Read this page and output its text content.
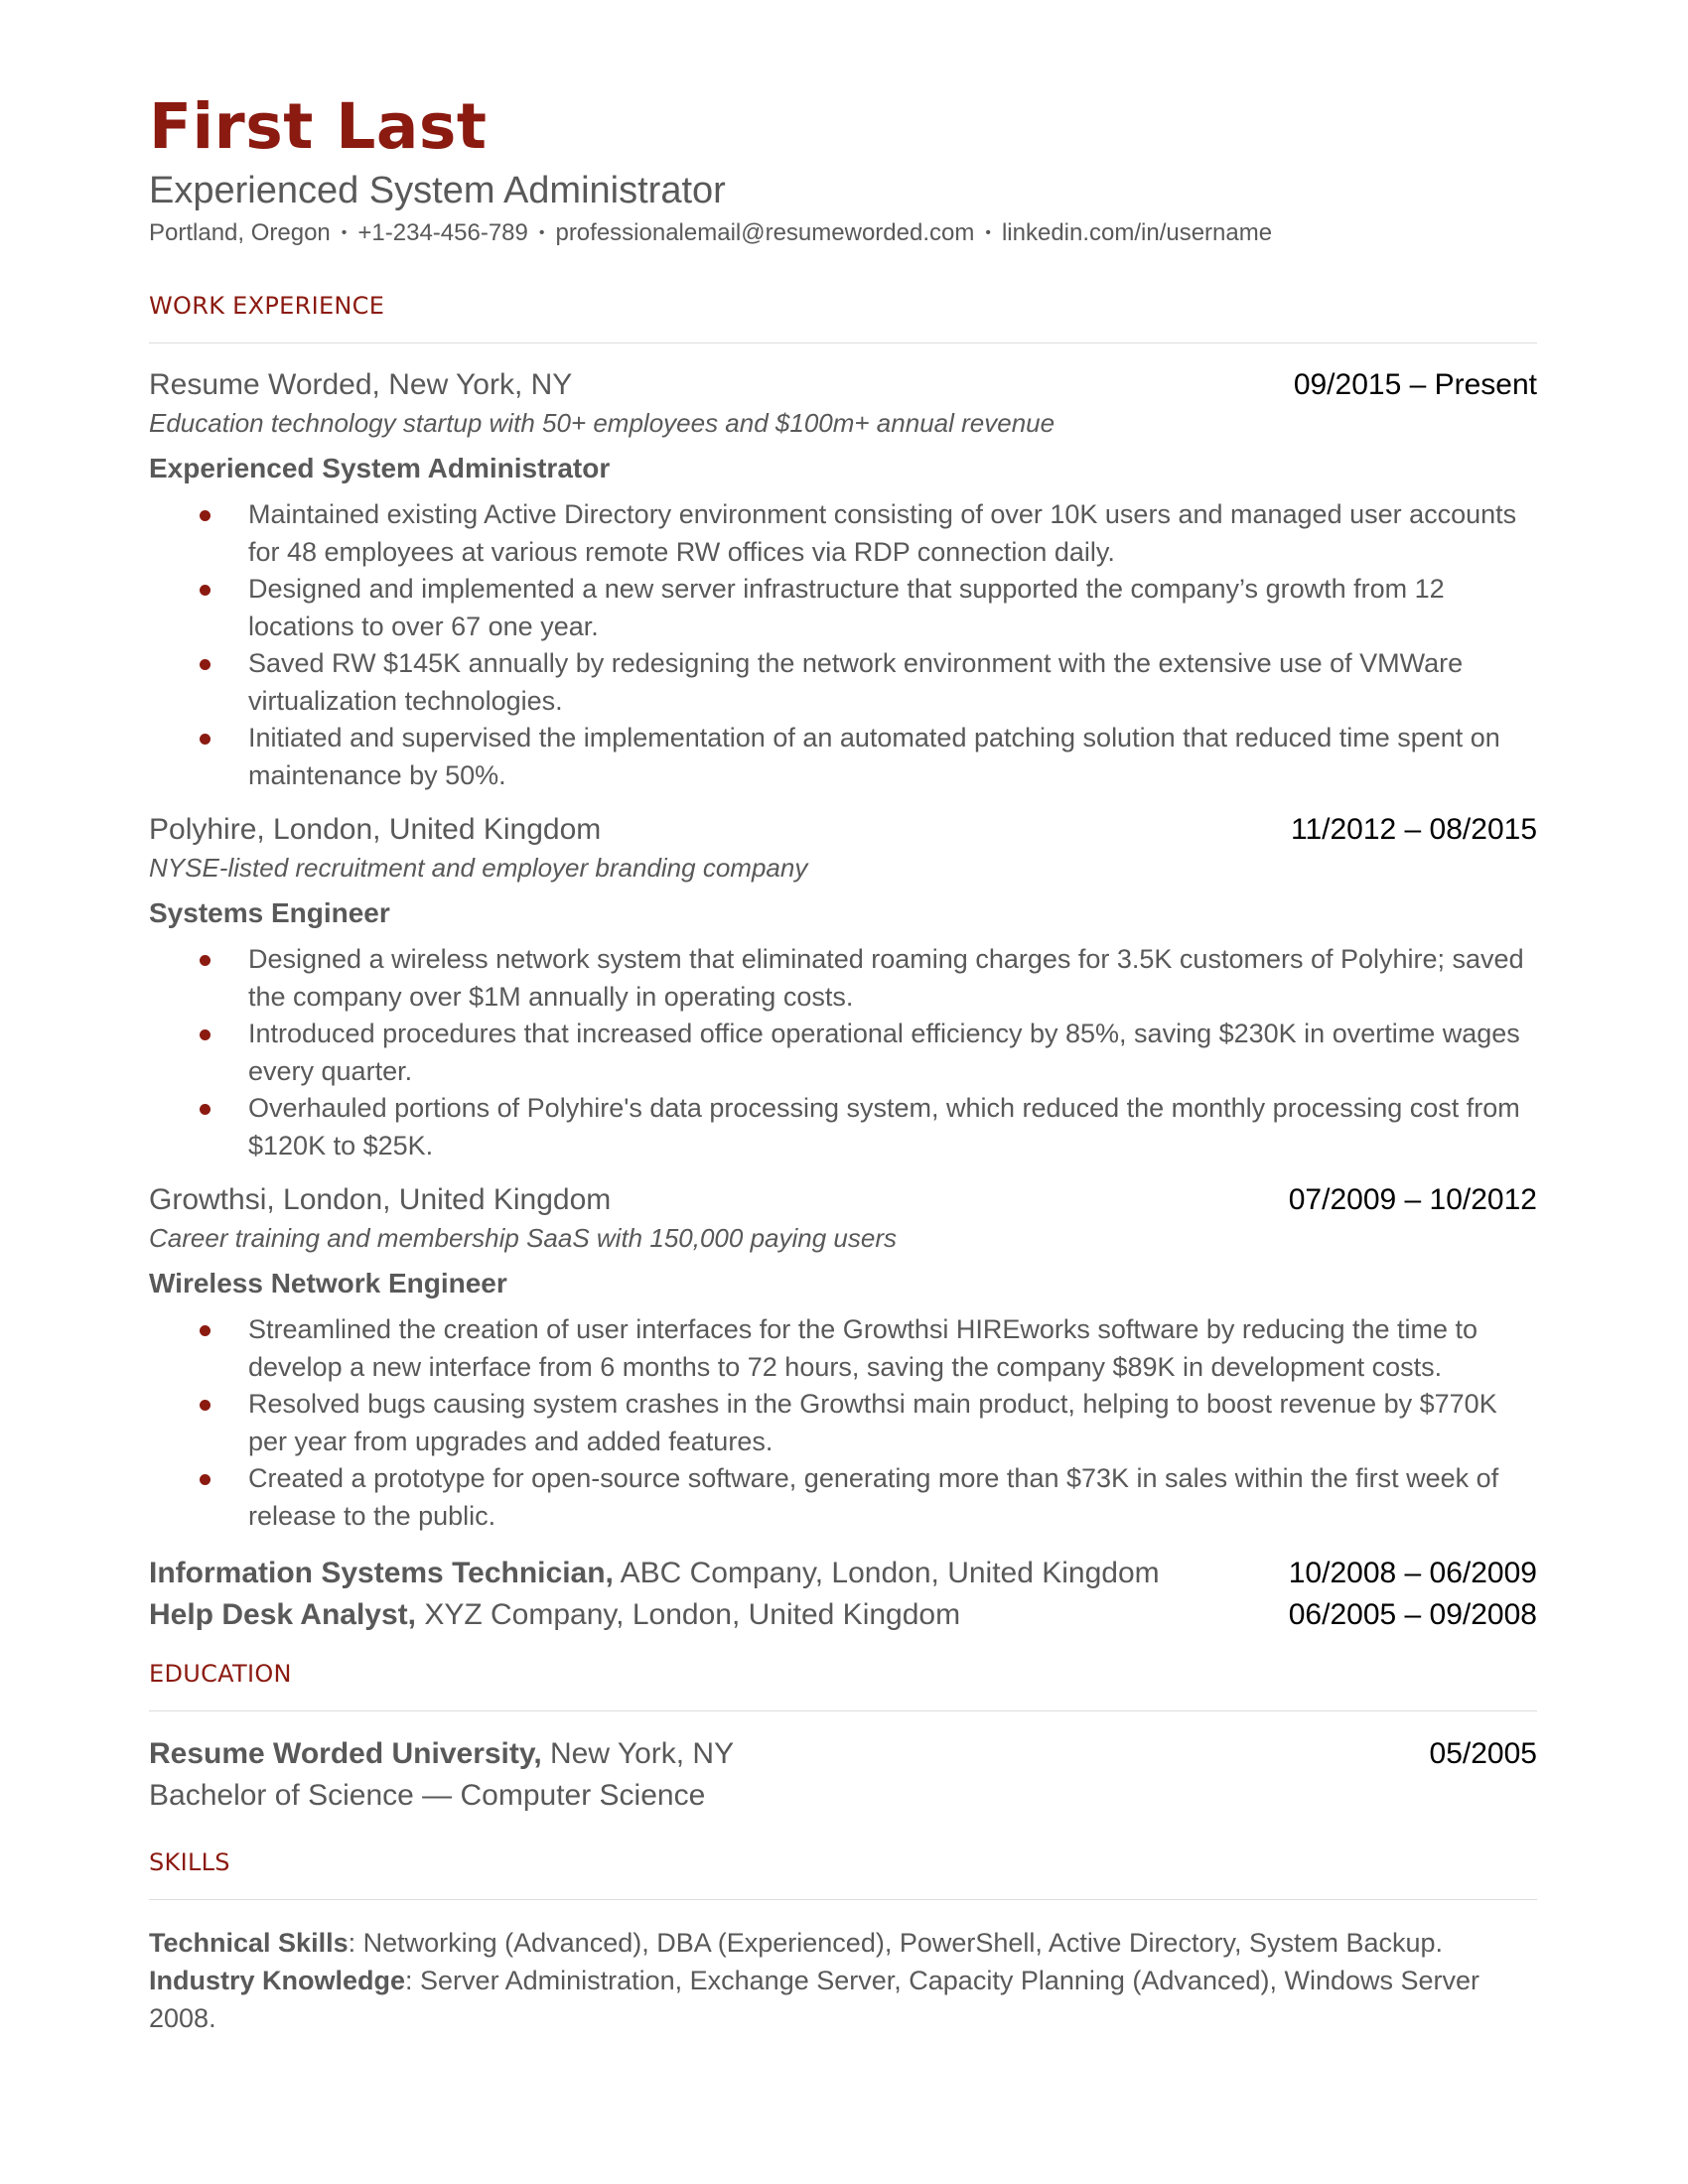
First Last
Experienced System Administrator
Portland, Oregon • +1-234-456-789 • professionalemail@resumeworded.com • linkedin.com/in/username
WORK EXPERIENCE
Resume Worded, New York, NY	09/2015 – Present
Education technology startup with 50+ employees and $100m+ annual revenue
Experienced System Administrator
Maintained existing Active Directory environment consisting of over 10K users and managed user accounts for 48 employees at various remote RW offices via RDP connection daily.
Designed and implemented a new server infrastructure that supported the company’s growth from 12 locations to over 67 one year.
Saved RW $145K annually by redesigning the network environment with the extensive use of VMWare virtualization technologies.
Initiated and supervised the implementation of an automated patching solution that reduced time spent on maintenance by 50%.
Polyhire, London, United Kingdom	11/2012 – 08/2015
NYSE-listed recruitment and employer branding company
Systems Engineer
Designed a wireless network system that eliminated roaming charges for 3.5K customers of Polyhire; saved the company over $1M annually in operating costs.
Introduced procedures that increased office operational efficiency by 85%, saving $230K in overtime wages every quarter.
Overhauled portions of Polyhire's data processing system, which reduced the monthly processing cost from $120K to $25K.
Growthsi, London, United Kingdom	07/2009 – 10/2012
Career training and membership SaaS with 150,000 paying users
Wireless Network Engineer
Streamlined the creation of user interfaces for the Growthsi HIREworks software by reducing the time to develop a new interface from 6 months to 72 hours, saving the company $89K in development costs.
Resolved bugs causing system crashes in the Growthsi main product, helping to boost revenue by $770K per year from upgrades and added features.
Created a prototype for open-source software, generating more than $73K in sales within the first week of release to the public.
Information Systems Technician, ABC Company, London, United Kingdom	10/2008 – 06/2009
Help Desk Analyst, XYZ Company, London, United Kingdom	06/2005 – 09/2008
EDUCATION
Resume Worded University, New York, NY	05/2005
Bachelor of Science — Computer Science
SKILLS
Technical Skills: Networking (Advanced), DBA (Experienced), PowerShell, Active Directory, System Backup.
Industry Knowledge: Server Administration, Exchange Server, Capacity Planning (Advanced), Windows Server 2008.
